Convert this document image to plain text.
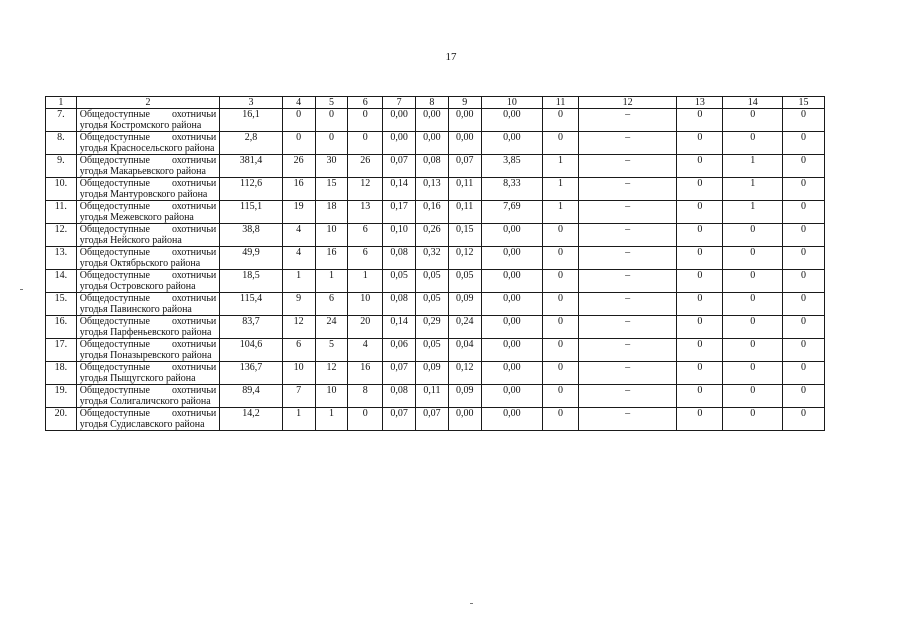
17
1	2	3	4	5	6	7	8	9	10	11	12	13	14	15
7.	Общедоступные охотничьи угодья Костромского района	16,1	0	0	0	0,00	0,00	0,00	0,00	0	–	0	0	0
8.	Общедоступные охотничьи угодья Красносельского района	2,8	0	0	0	0,00	0,00	0,00	0,00	0	–	0	0	0
9.	Общедоступные охотничьи угодья Макарьевского района	381,4	26	30	26	0,07	0,08	0,07	3,85	1	–	0	1	0
10.	Общедоступные охотничьи угодья Мантуровского района	112,6	16	15	12	0,14	0,13	0,11	8,33	1	–	0	1	0
11.	Общедоступные охотничьи угодья Межевского района	115,1	19	18	13	0,17	0,16	0,11	7,69	1	–	0	1	0
12.	Общедоступные охотничьи угодья Нейского района	38,8	4	10	6	0,10	0,26	0,15	0,00	0	–	0	0	0
13.	Общедоступные охотничьи угодья Октябрьского района	49,9	4	16	6	0,08	0,32	0,12	0,00	0	–	0	0	0
14.	Общедоступные охотничьи угодья Островского района	18,5	1	1	1	0,05	0,05	0,05	0,00	0	–	0	0	0
15.	Общедоступные охотничьи угодья Павинского района	115,4	9	6	10	0,08	0,05	0,09	0,00	0	–	0	0	0
16.	Общедоступные охотничьи угодья Парфеньевского района	83,7	12	24	20	0,14	0,29	0,24	0,00	0	–	0	0	0
17.	Общедоступные охотничьи угодья Поназыревского района	104,6	6	5	4	0,06	0,05	0,04	0,00	0	–	0	0	0
18.	Общедоступные охотничьи угодья Пыщугского района	136,7	10	12	16	0,07	0,09	0,12	0,00	0	–	0	0	0
19.	Общедоступные охотничьи угодья Солигаличского района	89,4	7	10	8	0,08	0,11	0,09	0,00	0	–	0	0	0
20.	Общедоступные охотничьи угодья Судиславского района	14,2	1	1	0	0,07	0,07	0,00	0,00	0	–	0	0	0
